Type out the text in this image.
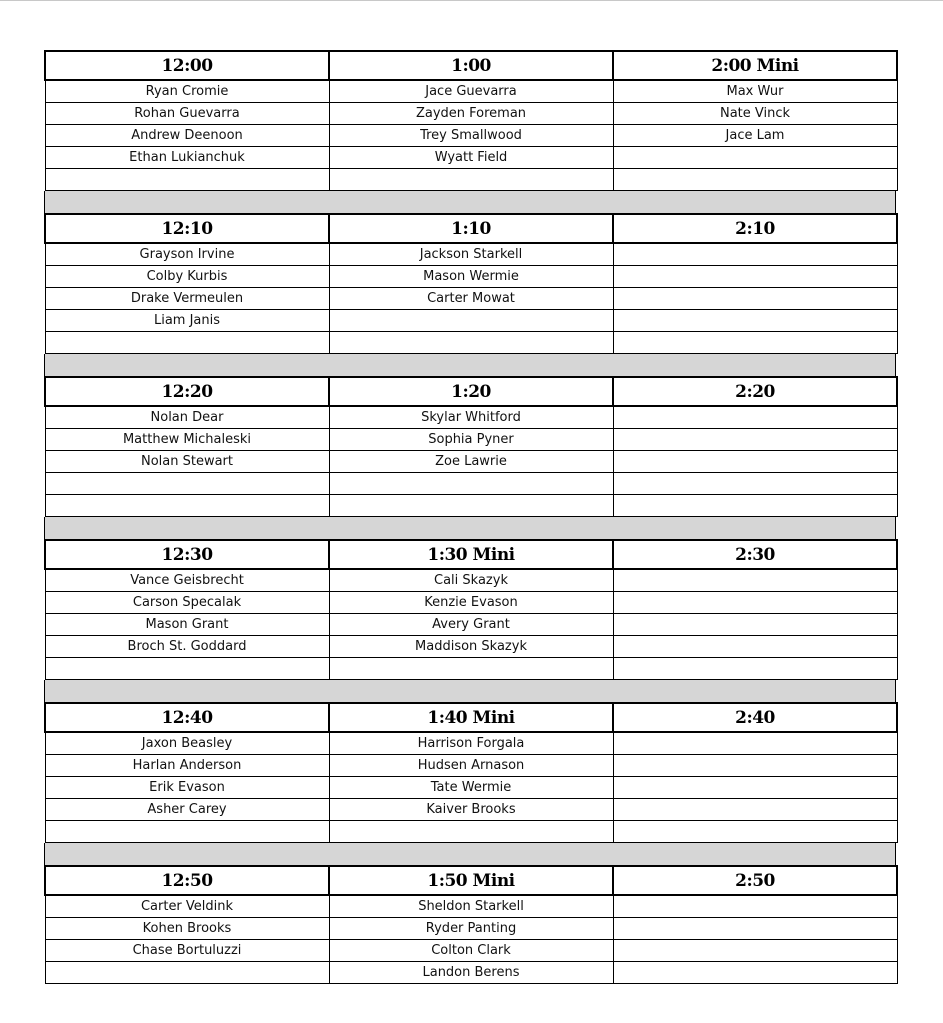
12:00	1:00	2:00 Mini
Ryan Cromie	Jace Guevarra	Max Wur
Rohan Guevarra	Zayden Foreman	Nate Vinck
Andrew Deenoon	Trey Smallwood	Jace Lam
Ethan Lukianchuk	Wyatt Field	

12:10	1:10	2:10
Grayson Irvine	Jackson Starkell	
Colby Kurbis	Mason Wermie	
Drake Vermeulen	Carter Mowat	
Liam Janis		

12:20	1:20	2:20
Nolan Dear	Skylar Whitford	
Matthew Michaleski	Sophia Pyner	
Nolan Stewart	Zoe Lawrie	

12:30	1:30 Mini	2:30
Vance Geisbrecht	Cali Skazyk	
Carson Specalak	Kenzie Evason	
Mason Grant	Avery Grant	
Broch St. Goddard	Maddison Skazyk	

12:40	1:40 Mini	2:40
Jaxon Beasley	Harrison Forgala	
Harlan Anderson	Hudsen Arnason	
Erik Evason	Tate Wermie	
Asher Carey	Kaiver Brooks	

12:50	1:50 Mini	2:50
Carter Veldink	Sheldon Starkell	
Kohen Brooks	Ryder Panting	
Chase Bortuluzzi	Colton Clark	
	Landon Berens	
